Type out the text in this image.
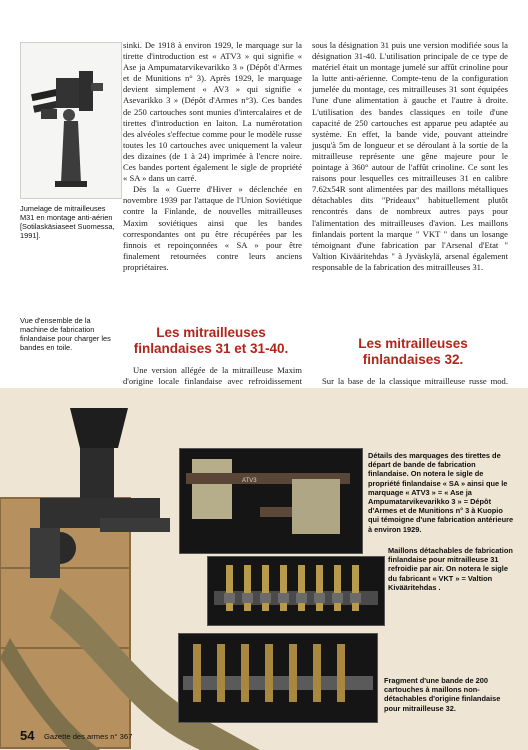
Jumelage de mitrailleuses M31 en montage anti-aérien [Sotilaskäsiaseet Suomessa, 1991].
Vue d'ensemble de la machine de fabrication finlandaise pour charger les bandes en toile.

sinki. De 1918 à environ 1929, le marquage sur la tirette d'introduction est « ATV3 » qui signifie « Ase ja Ampumatarvikevarikko 3 » (Dépôt d'Armes et de Munitions n° 3). Après 1929, le marquage devient simplement « AV3 » qui signifie « Asevarikko 3 » (Dépôt d'Armes n°3). Ces bandes de 250 cartouches sont munies d'intercalaires et de tirettes d'introduction en laiton. La numérotation des alvéoles s'effectue comme pour le modèle russe toutes les 10 cartouches avec uniquement la valeur des dizaines (de 1 à 24) imprimée à l'encre noire. Ces bandes portent également le sigle de propriété « SA » dans un carré.

Dès la « Guerre d'Hiver » déclenchée en novembre 1939 par l'attaque de l'Union Soviétique contre la Finlande, de nouvelles mitrailleuses Maxim soviétiques ainsi que les bandes correspondantes ont pu être récupérées par les finnois et repoinçonnées « SA » pour être finalement retournées contre leurs anciens propriétaires.

Les mitrailleuses finlandaises 31 et 31-40.

Une version allégée de la mitrailleuse Maxim d'origine locale finlandaise avec refroidissement

sous la désignation 31 puis une version modifiée sous la désignation 31-40. L'utilisation principale de ce type de matériel était un montage jumelé sur affût crinoline pour la lutte anti-aérienne. Compte-tenu de la configuration jumelée du montage, ces mitrailleuses 31 sont équipées l'une d'une alimentation à gauche et l'autre à droite. L'utilisation des bandes classiques en toile d'une capacité de 250 cartouches est apparue peu adaptée au système. En effet, la bande vide, pouvant atteindre jusqu'à 5m de longueur et se déroulant à la sortie de la mitrailleuse représente une gêne majeure pour le pointage à 360° autour de l'affût crinoline. Ce sont les raisons pour lesquelles ces mitrailleuses 31 en calibre 7.62x54R sont alimentées par des maillons métalliques détachables dits "Prideaux" habituellement plutôt rencontrés dans de nombreux autres pays pour l'alimentation des mitrailleuses d'avion. Les maillons finlandais portent la marque " VKT " dans un losange témoignant d'une fabrication par l'Arsenal d'Etat " Valtion Kivääritehdas " à Jyväskylä, arsenal également responsable de la fabrication des mitrailleuses 31.

Les mitrailleuses finlandaises 32.

Sur la base de la classique mitrailleuse russe mod.

ATV3
Détails des marquages des tirettes de départ de bande de fabrication finlandaise. On notera le sigle de propriété finlandaise « SA » ainsi que le marquage « ATV3 » = « Ase ja Ampumatarvikevarikko 3 » = Dépôt d'Armes et de Munitions n° 3 à Kuopio qui témoigne d'une fabrication antérieure à environ 1929.
Maillons détachables de fabrication finlandaise pour mitrailleuse 31 refroidie par air. On notera le sigle du fabricant « VKT » = Valtion Kivääritehdas .
Fragment d'une bande de 200 cartouches à maillons non-détachables d'origine finlandaise pour mitrailleuse 32.
54 Gazette des armes n° 367
